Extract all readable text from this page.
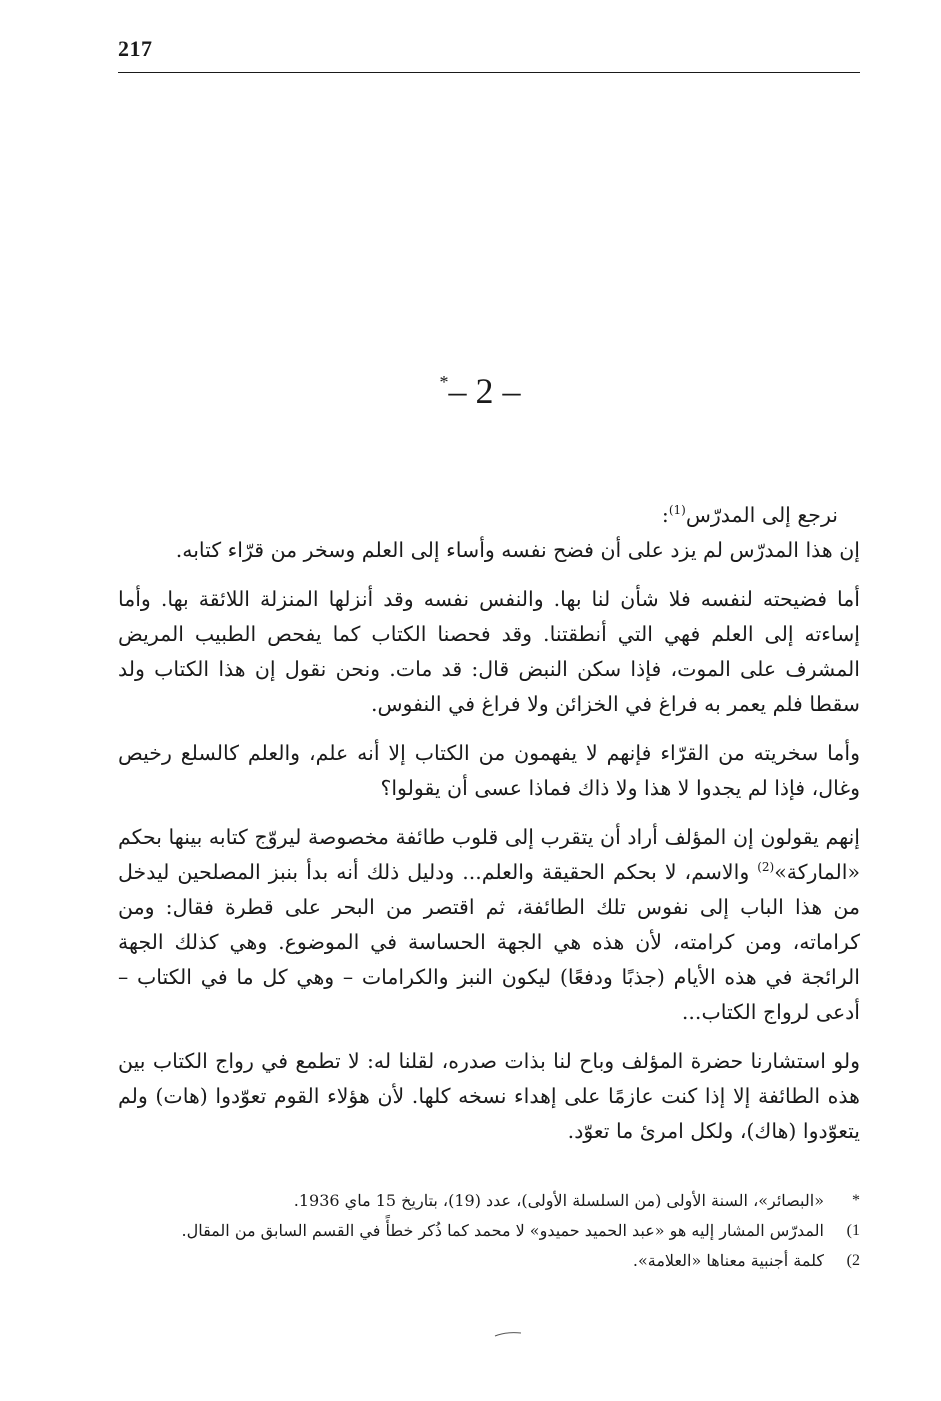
217
*– 2 –

نرجع إلى المدرّس$^{(1)}$:

إن هذا المدرّس لم يزد على أن فضح نفسه وأساء إلى العلم وسخر من قرّاء كتابه.

أما فضيحته لنفسه فلا شأن لنا بها. والنفس نفسه وقد أنزلها المنزلة اللائقة بها. وأما إساءته إلى العلم فهي التي أنطقتنا. وقد فحصنا الكتاب كما يفحص الطبيب المريض المشرف على الموت، فإذا سكن النبض قال: قد مات. ونحن نقول إن هذا الكتاب ولد سقطا فلم يعمر به فراغ في الخزائن ولا فراغ في النفوس.

وأما سخريته من القرّاء فإنهم لا يفهمون من الكتاب إلا أنه علم، والعلم كالسلع رخيص وغال، فإذا لم يجدوا لا هذا ولا ذاك فماذا عسى أن يقولوا؟

إنهم يقولون إن المؤلف أراد أن يتقرب إلى قلوب طائفة مخصوصة ليروّج كتابه بينها بحكم «الماركة»$^{(2)}$ والاسم، لا بحكم الحقيقة والعلم... ودليل ذلك أنه بدأ بنبز المصلحين ليدخل من هذا الباب إلى نفوس تلك الطائفة، ثم اقتصر من البحر على قطرة فقال: ومن كراماته، ومن كرامته، لأن هذه هي الجهة الحساسة في الموضوع. وهي كذلك الجهة الرائجة في هذه الأيام (جذبًا ودفعًا) ليكون النبز والكرامات – وهي كل ما في الكتاب – أدعى لرواج الكتاب...

ولو استشارنا حضرة المؤلف وباح لنا بذات صدره، لقلنا له: لا تطمع في رواج الكتاب بين هذه الطائفة إلا إذا كنت عازمًا على إهداء نسخه كلها. لأن هؤلاء القوم تعوّدوا (هات) ولم يتعوّدوا (هاك)، ولكل امرئ ما تعوّد.

*
«البصائر»، السنة الأولى (من السلسلة الأولى)، عدد (19)، بتاريخ 15 ماي 1936.
(1
المدرّس المشار إليه هو «عبد الحميد حميدو» لا محمد كما ذُكر خطأً في القسم السابق من المقال.
(2
كلمة أجنبية معناها «العلامة».
